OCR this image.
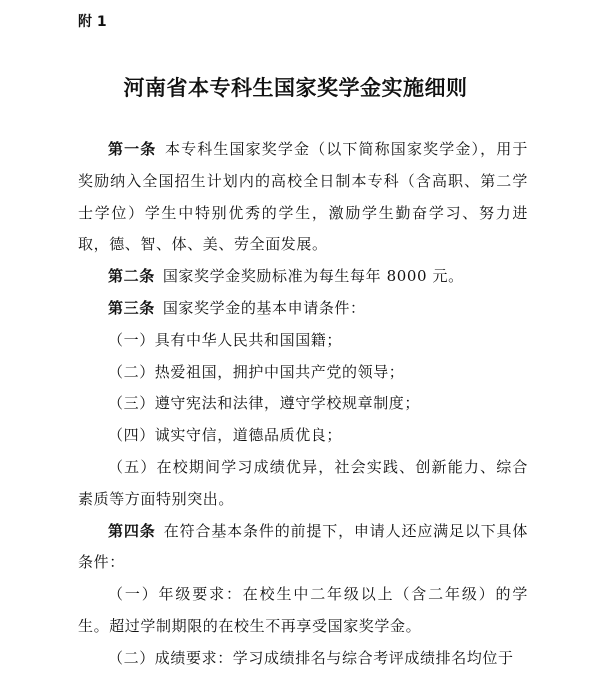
附 1
河南省本专科生国家奖学金实施细则

第一条 本专科生国家奖学金（以下简称国家奖学金），用于奖励纳入全国招生计划内的高校全日制本专科（含高职、第二学士学位）学生中特别优秀的学生，激励学生勤奋学习、努力进取，德、智、体、美、劳全面发展。

第二条 国家奖学金奖励标准为每生每年 8000 元。

第三条 国家奖学金的基本申请条件：

（一）具有中华人民共和国国籍；

（二）热爱祖国，拥护中国共产党的领导；

（三）遵守宪法和法律，遵守学校规章制度；

（四）诚实守信，道德品质优良；

（五）在校期间学习成绩优异，社会实践、创新能力、综合素质等方面特别突出。

第四条 在符合基本条件的前提下，申请人还应满足以下具体条件：

（一）年级要求：在校生中二年级以上（含二年级）的学生。超过学制期限的在校生不再享受国家奖学金。

（二）成绩要求：学习成绩排名与综合考评成绩排名均位于
